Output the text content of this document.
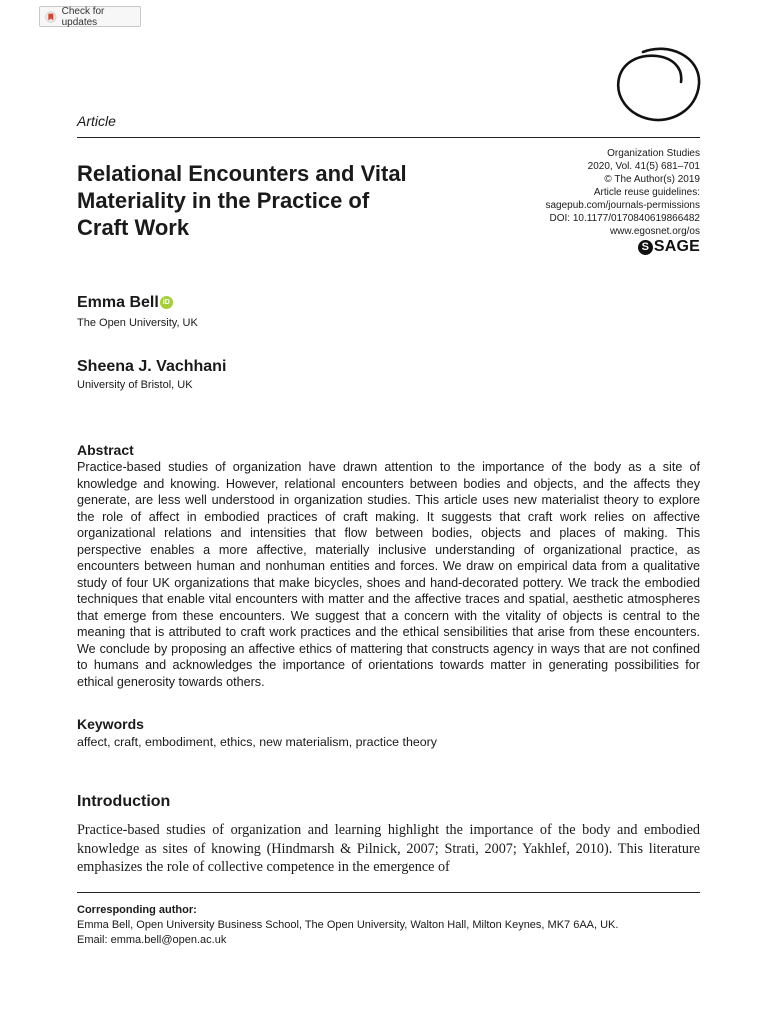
Check for updates
Article
Relational Encounters and Vital
Materiality in the Practice of
Craft Work
Organization Studies
2020, Vol. 41(5) 681–701
© The Author(s) 2019
Article reuse guidelines:
sagepub.com/journals-permissions
DOI: 10.1177/0170840619866482
www.egosnet.org/os
S SAGE
Emma Bell iD
The Open University, UK
Sheena J. Vachhani
University of Bristol, UK
Abstract
Practice-based studies of organization have drawn attention to the importance of the body as a site of knowledge and knowing. However, relational encounters between bodies and objects, and the affects they generate, are less well understood in organization studies. This article uses new materialist theory to explore the role of affect in embodied practices of craft making. It suggests that craft work relies on affective organizational relations and intensities that flow between bodies, objects and places of making. This perspective enables a more affective, materially inclusive understanding of organizational practice, as encounters between human and nonhuman entities and forces. We draw on empirical data from a qualitative study of four UK organizations that make bicycles, shoes and hand-decorated pottery. We track the embodied techniques that enable vital encounters with matter and the affective traces and spatial, aesthetic atmospheres that emerge from these encounters. We suggest that a concern with the vitality of objects is central to the meaning that is attributed to craft work practices and the ethical sensibilities that arise from these encounters. We conclude by proposing an affective ethics of mattering that constructs agency in ways that are not confined to humans and acknowledges the importance of orientations towards matter in generating possibilities for ethical generosity towards others.
Keywords
affect, craft, embodiment, ethics, new materialism, practice theory
Introduction
Practice-based studies of organization and learning highlight the importance of the body and embodied knowledge as sites of knowing (Hindmarsh & Pilnick, 2007; Strati, 2007; Yakhlef, 2010). This literature emphasizes the role of collective competence in the emergence of
Corresponding author:
Emma Bell, Open University Business School, The Open University, Walton Hall, Milton Keynes, MK7 6AA, UK.
Email: emma.bell@open.ac.uk
